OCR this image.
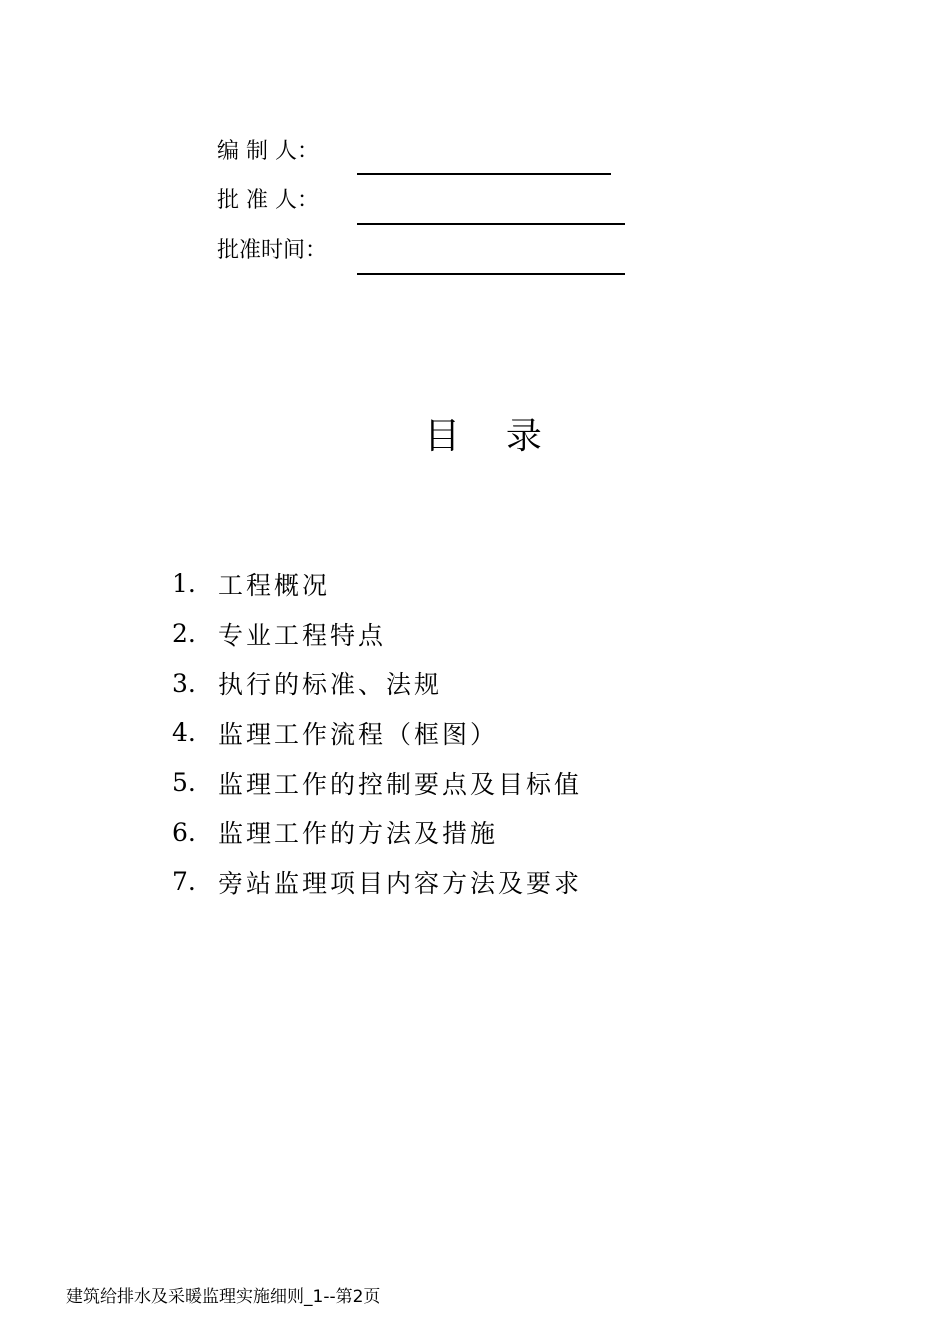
编 制 人：
批 准 人：
批准时间：
目    录
1. 工程概况
2. 专业工程特点
3. 执行的标准、法规
4. 监理工作流程（框图）
5. 监理工作的控制要点及目标值
6. 监理工作的方法及措施
7. 旁站监理项目内容方法及要求
建筑给排水及采暖监理实施细则_1--第2页
